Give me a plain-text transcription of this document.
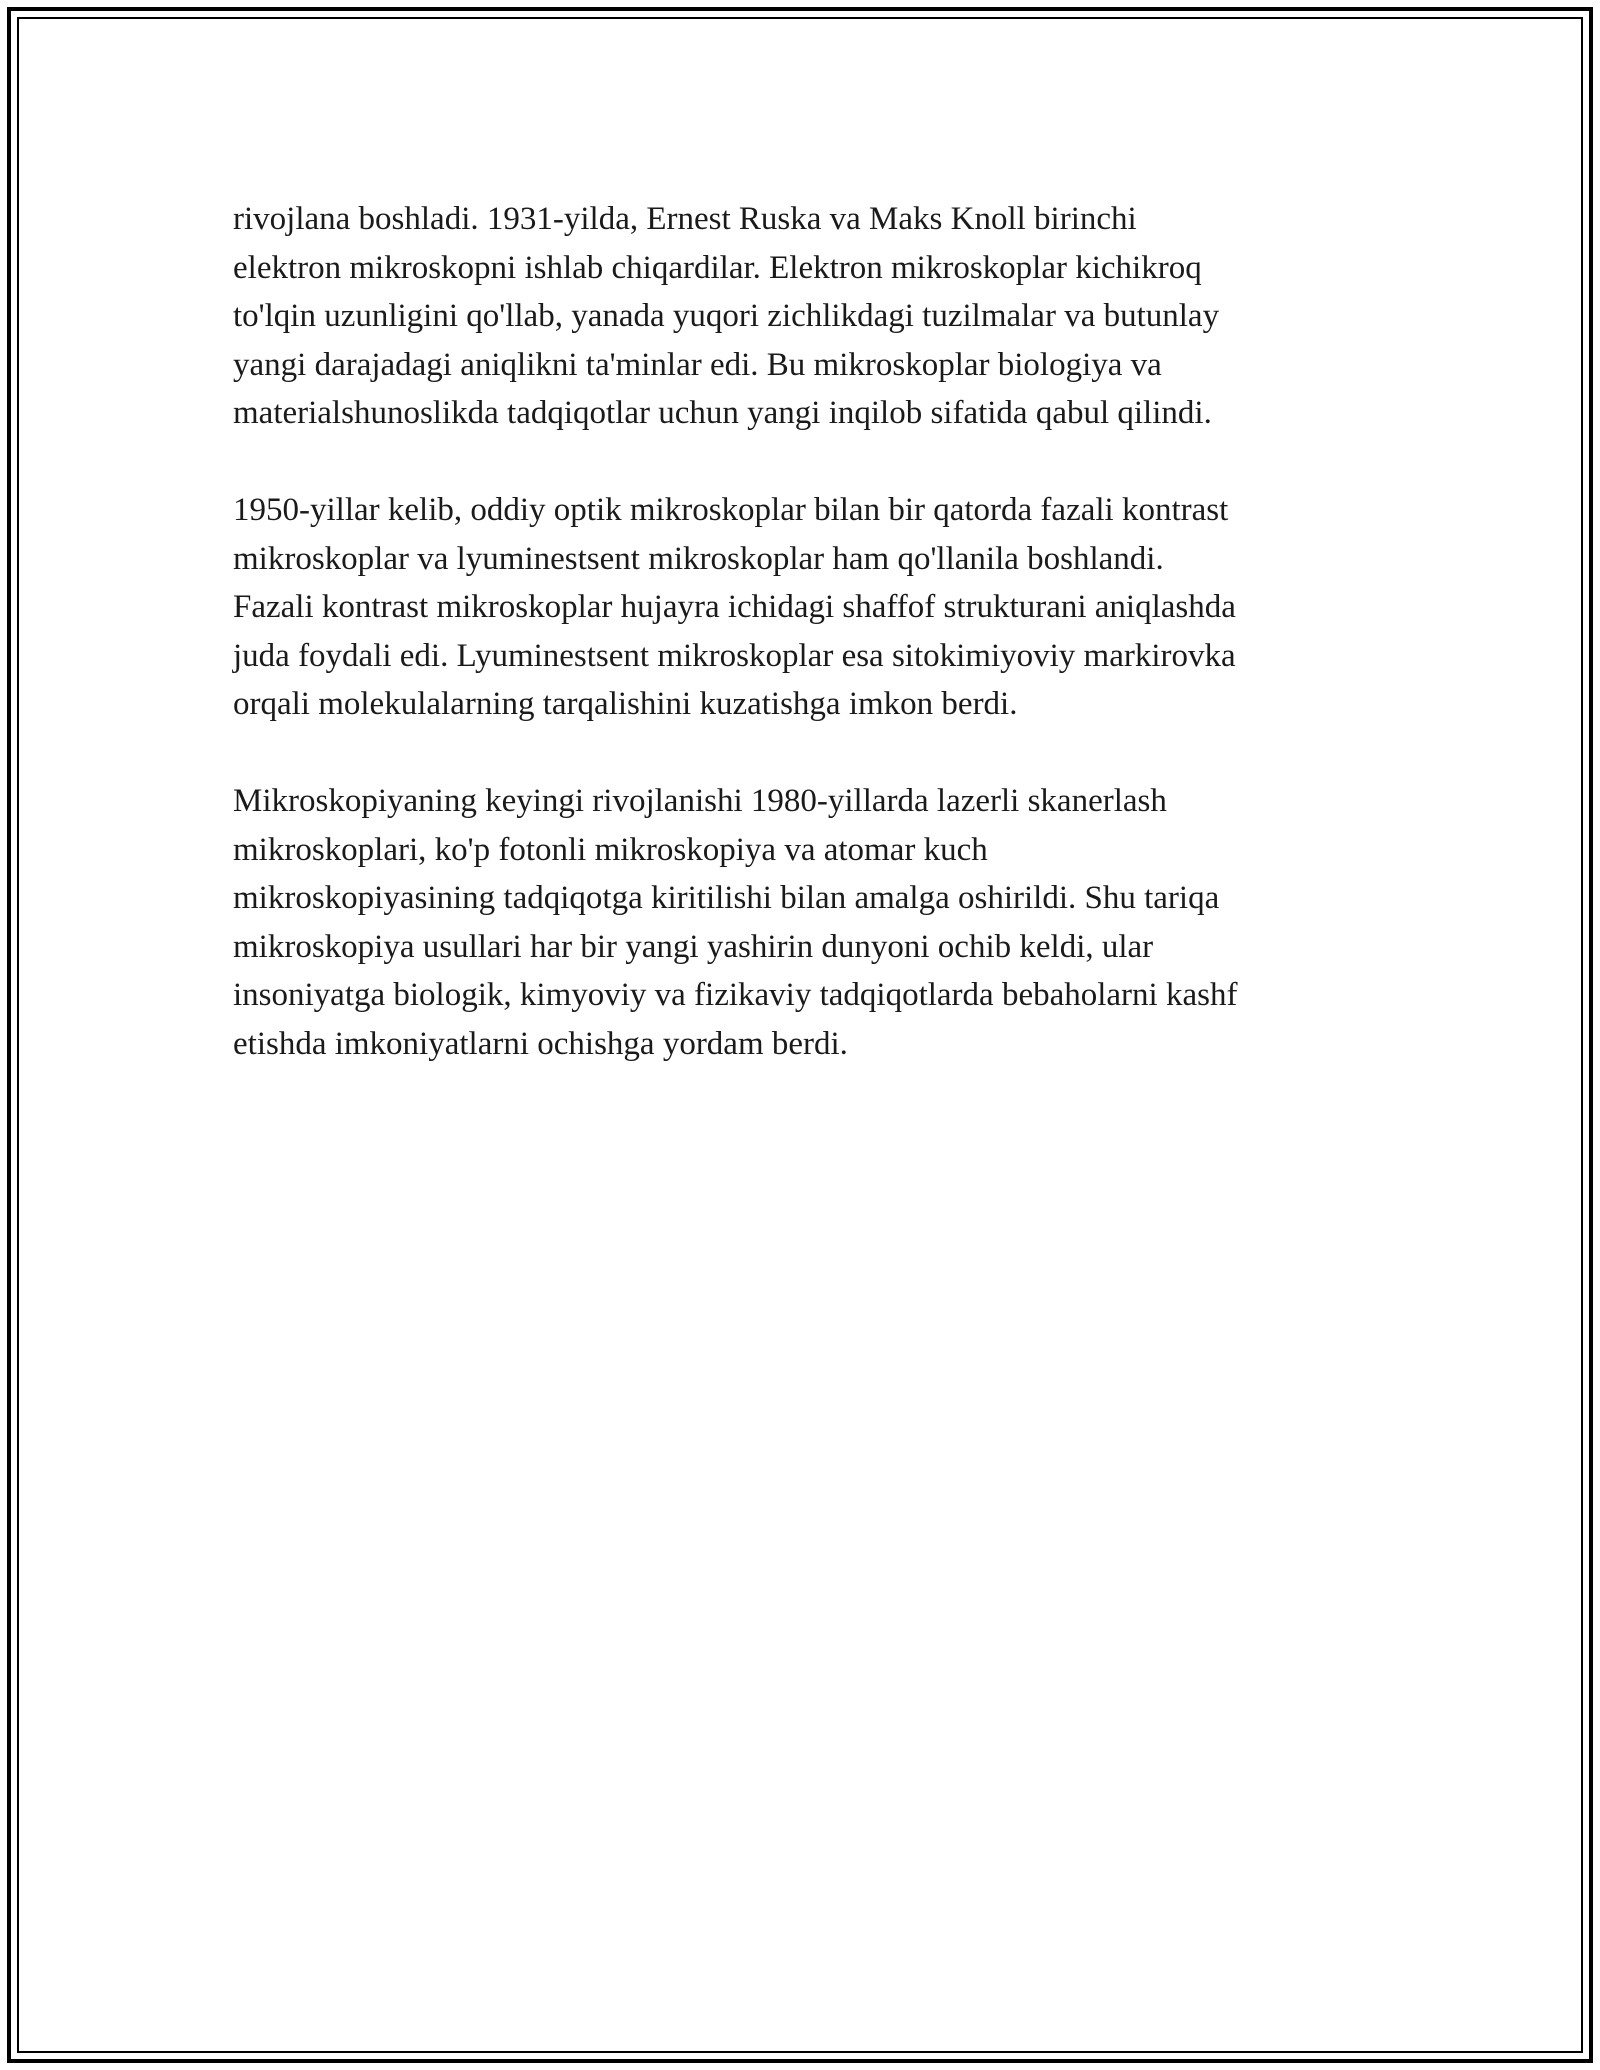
rivojlana boshladi. 1931-yilda, Ernest Ruska va Maks Knoll birinchi
elektron mikroskopni ishlab chiqardilar. Elektron mikroskoplar kichikroq
to'lqin uzunligini qo'llab, yanada yuqori zichlikdagi tuzilmalar va butunlay
yangi darajadagi aniqlikni ta'minlar edi. Bu mikroskoplar biologiya va
materialshunoslikda tadqiqotlar uchun yangi inqilob sifatida qabul qilindi.

1950-yillar kelib, oddiy optik mikroskoplar bilan bir qatorda fazali kontrast
mikroskoplar va lyuminestsent mikroskoplar ham qo'llanila boshlandi.
Fazali kontrast mikroskoplar hujayra ichidagi shaffof strukturani aniqlashda
juda foydali edi. Lyuminestsent mikroskoplar esa sitokimiyoviy markirovka
orqali molekulalarning tarqalishini kuzatishga imkon berdi.

Mikroskopiyaning keyingi rivojlanishi 1980-yillarda lazerli skanerlash
mikroskoplari, ko'p fotonli mikroskopiya va atomar kuch
mikroskopiyasining tadqiqotga kiritilishi bilan amalga oshirildi. Shu tariqa
mikroskopiya usullari har bir yangi yashirin dunyoni ochib keldi, ular
insoniyatga biologik, kimyoviy va fizikaviy tadqiqotlarda bebaholarni kashf
etishda imkoniyatlarni ochishga yordam berdi.
